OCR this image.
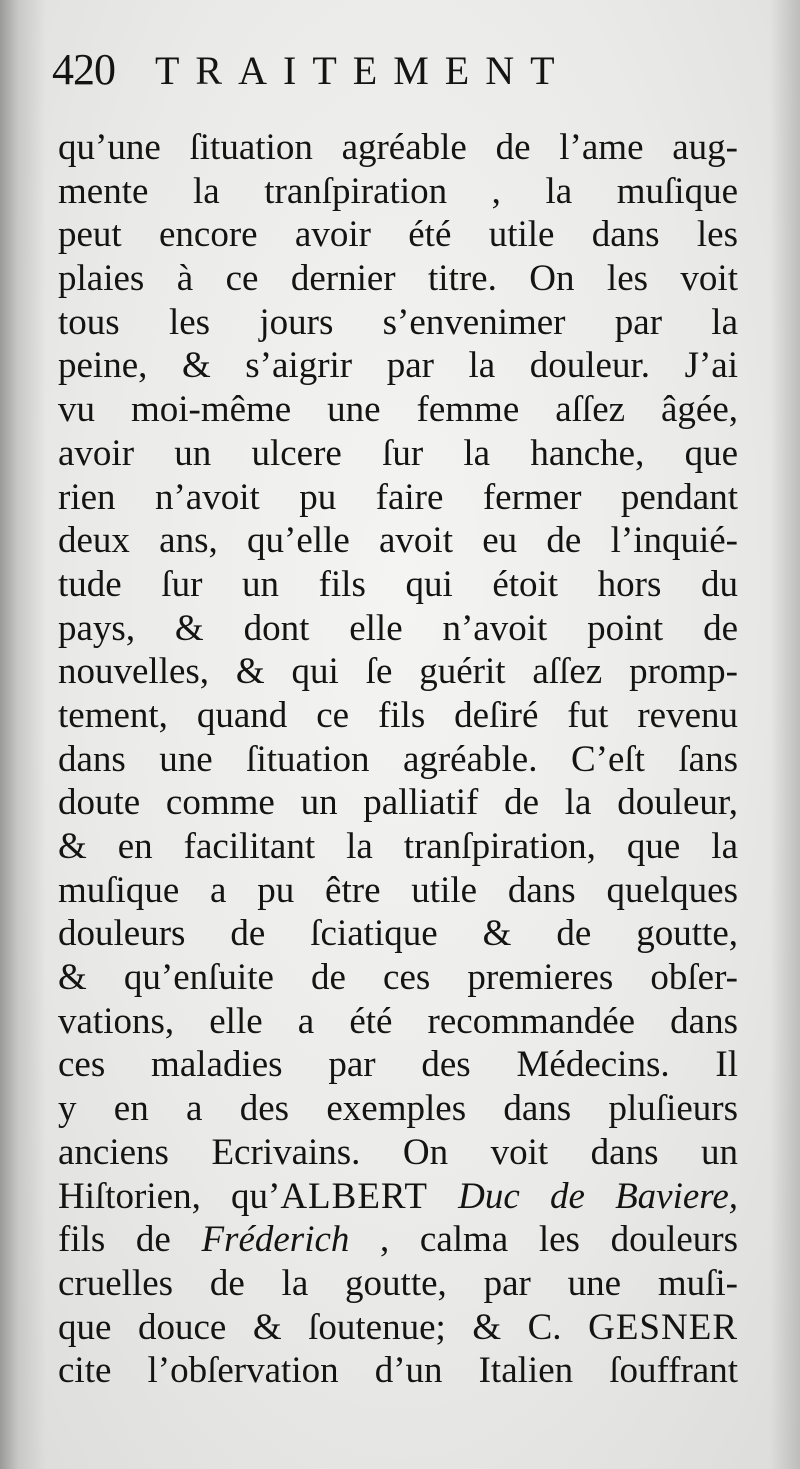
420 TRAITEMENT
qu’une ſituation agréable de l’ame aug-
mente la tranſpiration , la muſique
peut encore avoir été utile dans les
plaies à ce dernier titre. On les voit
tous les jours s’envenimer par la
peine, & s’aigrir par la douleur. J’ai
vu moi-même une femme aſſez âgée,
avoir un ulcere ſur la hanche, que
rien n’avoit pu faire fermer pendant
deux ans, qu’elle avoit eu de l’inquié-
tude ſur un fils qui étoit hors du
pays, & dont elle n’avoit point de
nouvelles, & qui ſe guérit aſſez promp-
tement, quand ce fils deſiré fut revenu
dans une ſituation agréable. C’eſt ſans
doute comme un palliatif de la douleur,
& en facilitant la tranſpiration, que la
muſique a pu être utile dans quelques
douleurs de ſciatique & de goutte,
& qu’enſuite de ces premieres obſer-
vations, elle a été recommandée dans
ces maladies par des Médecins. Il
y en a des exemples dans pluſieurs
anciens Ecrivains. On voit dans un
Hiſtorien, qu’ALBERT Duc de Baviere,
fils de Fréderich , calma les douleurs
cruelles de la goutte, par une muſi-
que douce & ſoutenue; & C. GESNER
cite l’obſervation d’un Italien ſouffrant
